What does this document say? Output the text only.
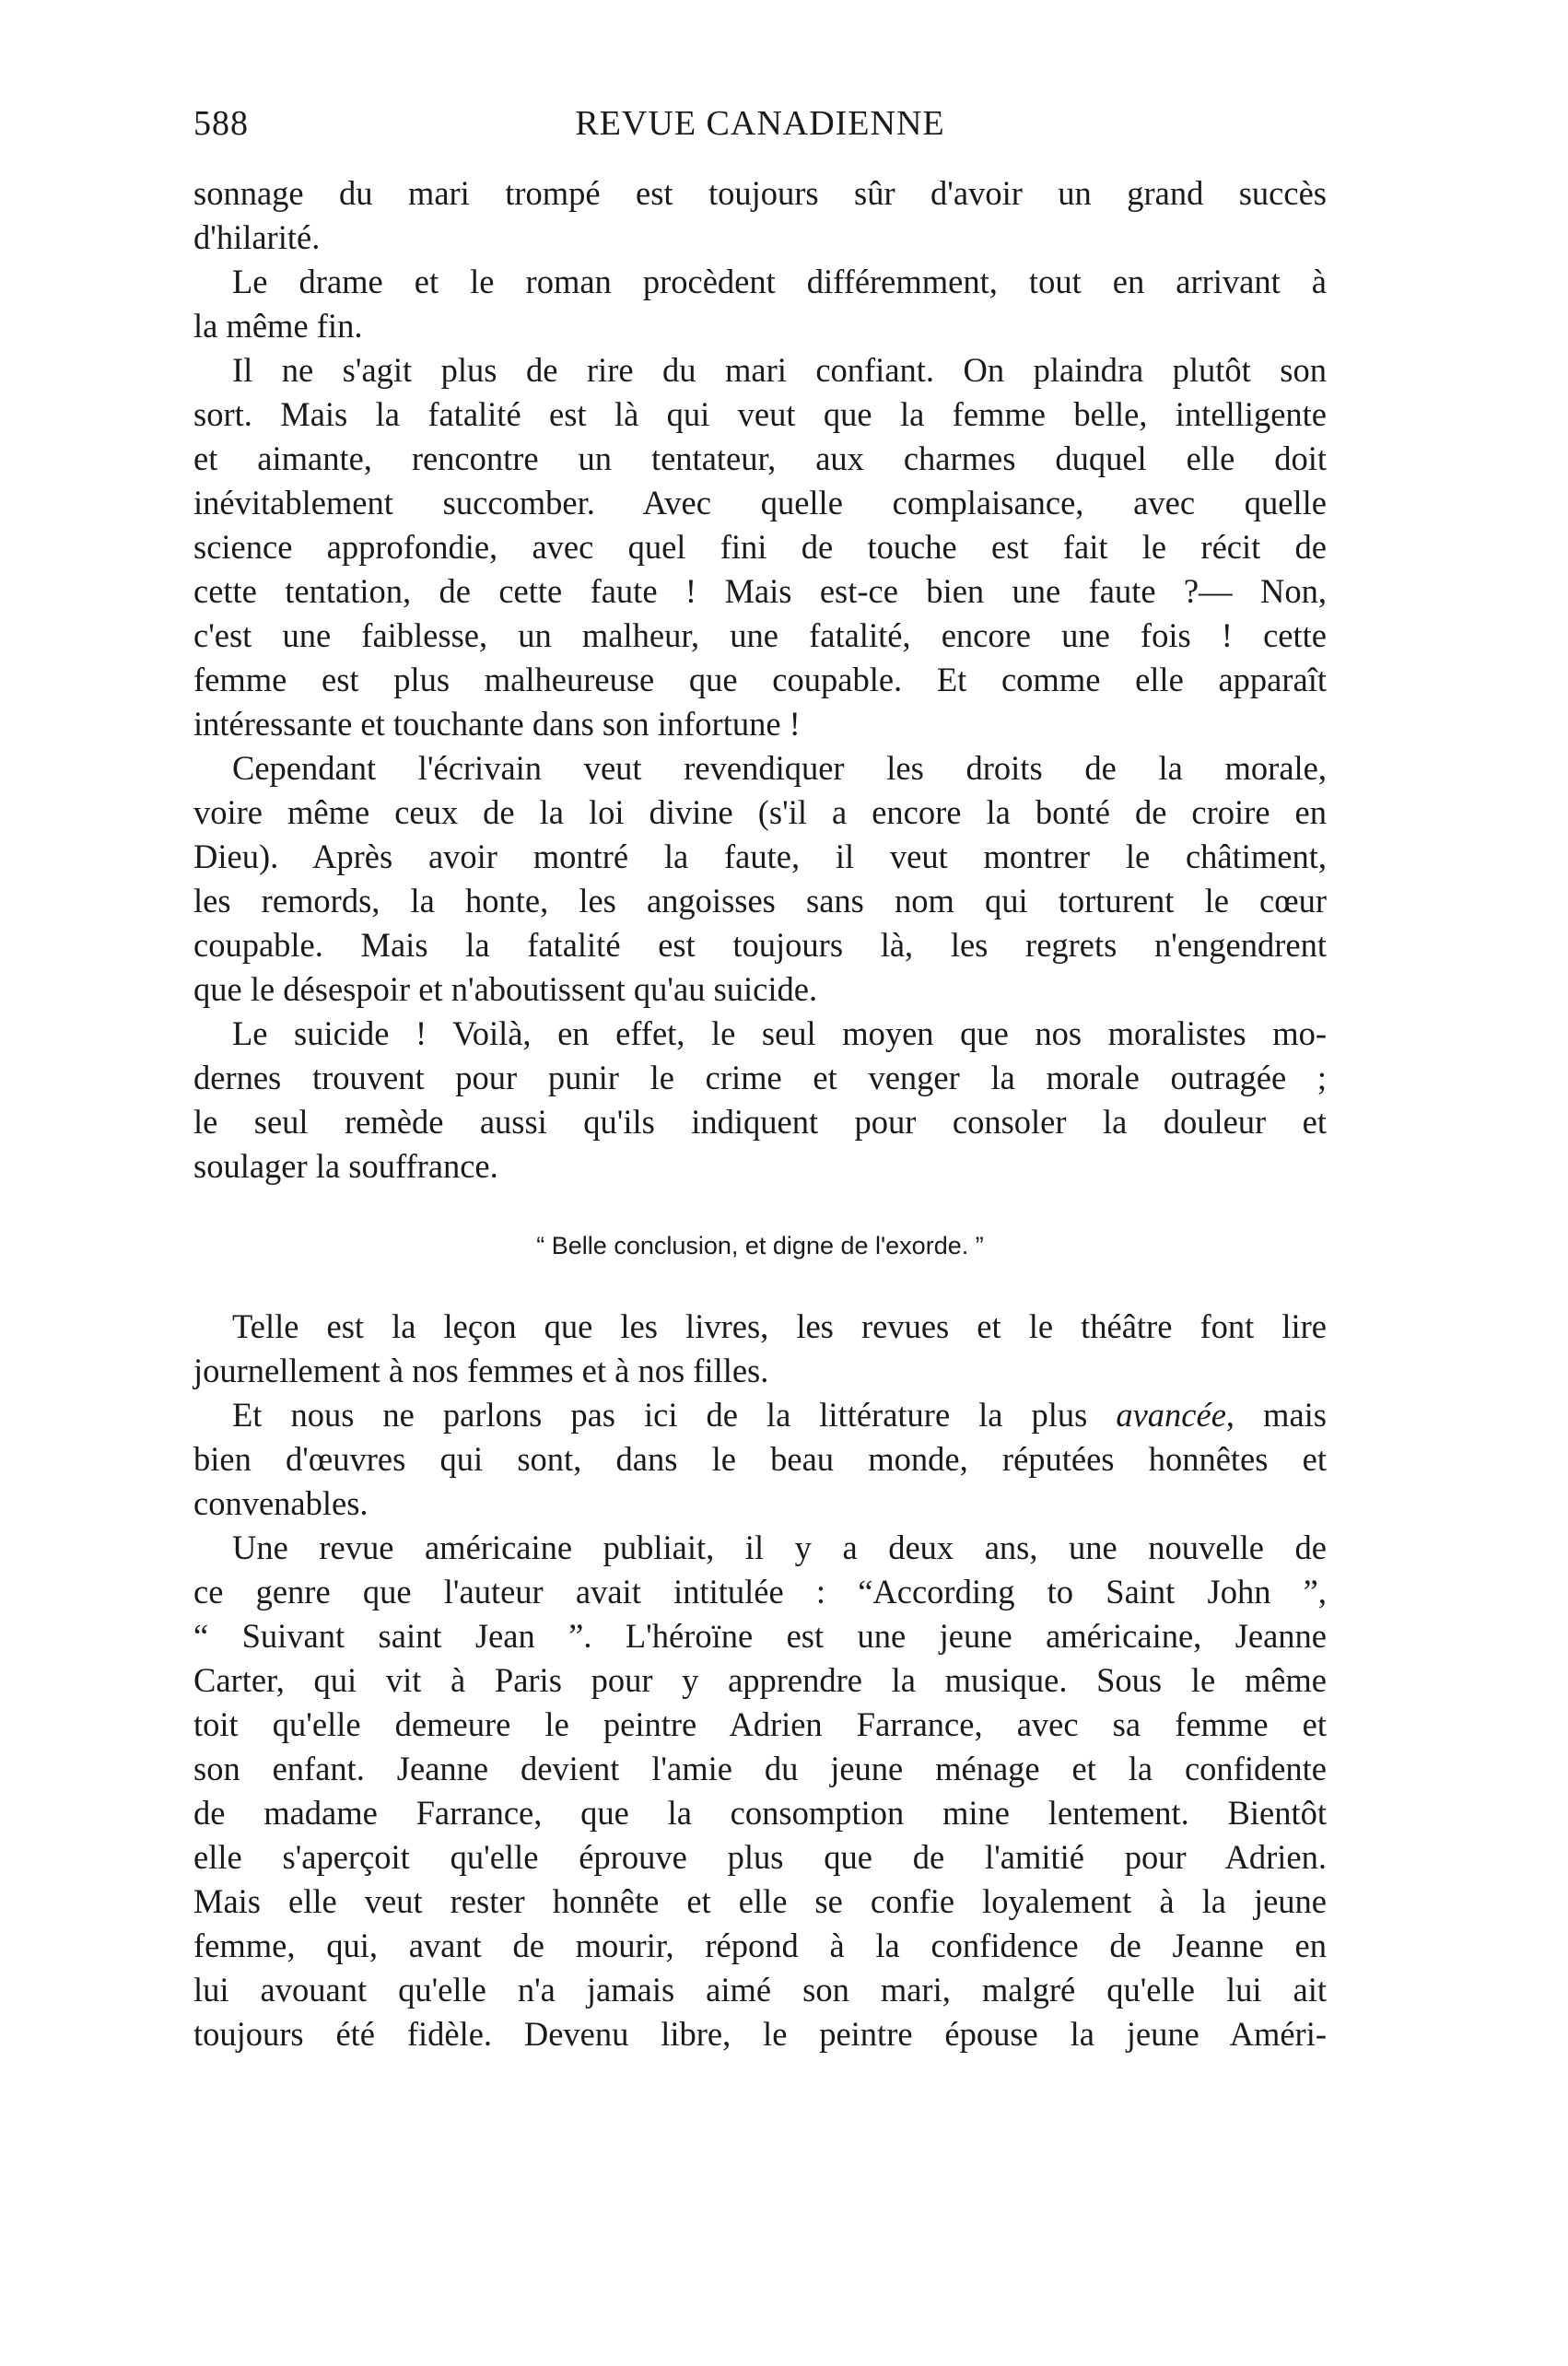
588	REVUE CANADIENNE
sonnage du mari trompé est toujours sûr d'avoir un grand succès
d'hilarité.
Le drame et le roman procèdent différemment, tout en arrivant à
la même fin.
Il ne s'agit plus de rire du mari confiant. On plaindra plutôt son
sort. Mais la fatalité est là qui veut que la femme belle, intelligente
et aimante, rencontre un tentateur, aux charmes duquel elle doit
inévitablement succomber. Avec quelle complaisance, avec quelle
science approfondie, avec quel fini de touche est fait le récit de
cette tentation, de cette faute ! Mais est-ce bien une faute ?— Non,
c'est une faiblesse, un malheur, une fatalité, encore une fois ! cette
femme est plus malheureuse que coupable. Et comme elle apparaît
intéressante et touchante dans son infortune !
Cependant l'écrivain veut revendiquer les droits de la morale,
voire même ceux de la loi divine (s'il a encore la bonté de croire en
Dieu). Après avoir montré la faute, il veut montrer le châtiment,
les remords, la honte, les angoisses sans nom qui torturent le cœur
coupable. Mais la fatalité est toujours là, les regrets n'engendrent
que le désespoir et n'aboutissent qu'au suicide.
Le suicide ! Voilà, en effet, le seul moyen que nos moralistes mo-
dernes trouvent pour punir le crime et venger la morale outragée ;
le seul remède aussi qu'ils indiquent pour consoler la douleur et
soulager la souffrance.
“ Belle conclusion, et digne de l'exorde. ”
Telle est la leçon que les livres, les revues et le théâtre font lire
journellement à nos femmes et à nos filles.
Et nous ne parlons pas ici de la littérature la plus avancée, mais
bien d'œuvres qui sont, dans le beau monde, réputées honnêtes et
convenables.
Une revue américaine publiait, il y a deux ans, une nouvelle de
ce genre que l'auteur avait intitulée : “According to Saint John ”,
“ Suivant saint Jean ”. L'héroïne est une jeune américaine, Jeanne
Carter, qui vit à Paris pour y apprendre la musique. Sous le même
toit qu'elle demeure le peintre Adrien Farrance, avec sa femme et
son enfant. Jeanne devient l'amie du jeune ménage et la confidente
de madame Farrance, que la consomption mine lentement. Bientôt
elle s'aperçoit qu'elle éprouve plus que de l'amitié pour Adrien.
Mais elle veut rester honnête et elle se confie loyalement à la jeune
femme, qui, avant de mourir, répond à la confidence de Jeanne en
lui avouant qu'elle n'a jamais aimé son mari, malgré qu'elle lui ait
toujours été fidèle. Devenu libre, le peintre épouse la jeune Améri-
